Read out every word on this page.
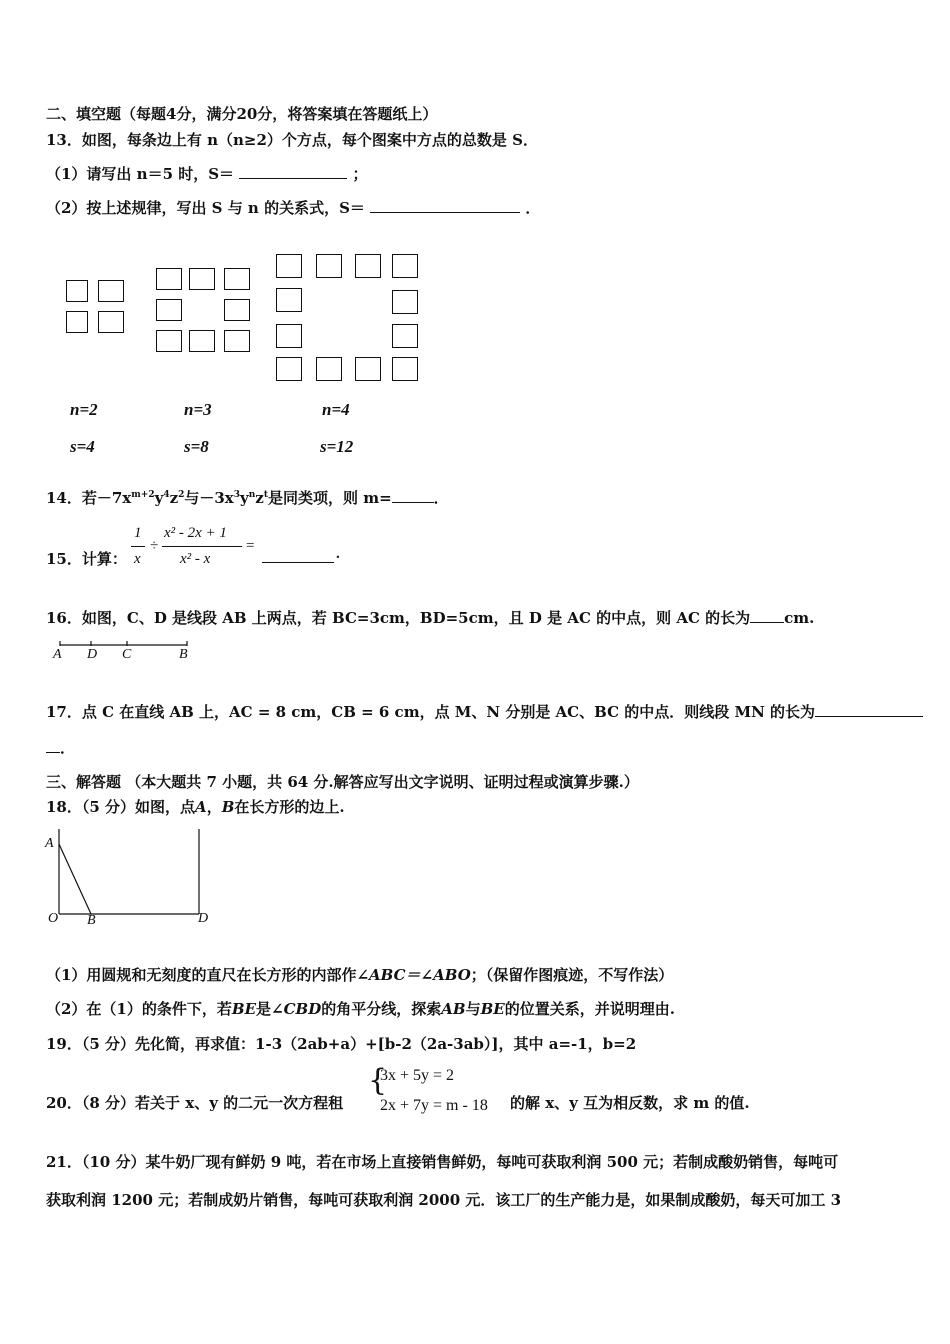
二、填空题（每题4分，满分20分，将答案填在答题纸上）
13．如图，每条边上有 n（n≥2）个方点，每个图案中方点的总数是 S．
（1）请写出 n＝5 时，S＝	；
（2）按上述规律，写出 S 与 n 的关系式，S＝	．
n=2	n=3	n=4
s=4	s=8	s=12
14．若$-7x^{m+2}y^4z^2$与$-3x^3y^nz^t$是同类项，则 m=	．
15．计算：
1
x
÷
x² - 2x + 1
x² - x
=	.
16．如图，C、D 是线段 AB 上两点，若 BC=3cm，BD=5cm，且 D 是 AC 的中点，则 AC 的长为 cm.
A D C	B
17．点 C 在直线 AB 上，AC = 8 cm，CB = 6 cm，点 M、N 分别是 AC、BC 的中点．则线段 MN 的长为
．
三、解答题 （本大题共 7 小题，共 64 分.解答应写出文字说明、证明过程或演算步骤.）
18．（5 分）如图，点A，B在长方形的边上.
A
O B	D
（1）用圆规和无刻度的直尺在长方形的内部作∠ABC＝∠ABO；（保留作图痕迹，不写作法）
（2）在（1）的条件下，若BE是∠CBD的角平分线，探索AB与BE的位置关系，并说明理由.
19．（5 分）先化简，再求值：1-3（2ab+a）+[b-2（2a-3ab）]，其中 a=-1，b=2
20．（8 分）若关于 x、y 的二元一次方程租
{
3x + 5y = 2
2x + 7y = m - 18 的解 x、y 互为相反数，求 m 的值.
21．（10 分）某牛奶厂现有鲜奶 9 吨，若在市场上直接销售鲜奶，每吨可获取利润 500 元；若制成酸奶销售，每吨可
获取利润 1200 元；若制成奶片销售，每吨可获取利润 2000 元．该工厂的生产能力是，如果制成酸奶，每天可加工 3
